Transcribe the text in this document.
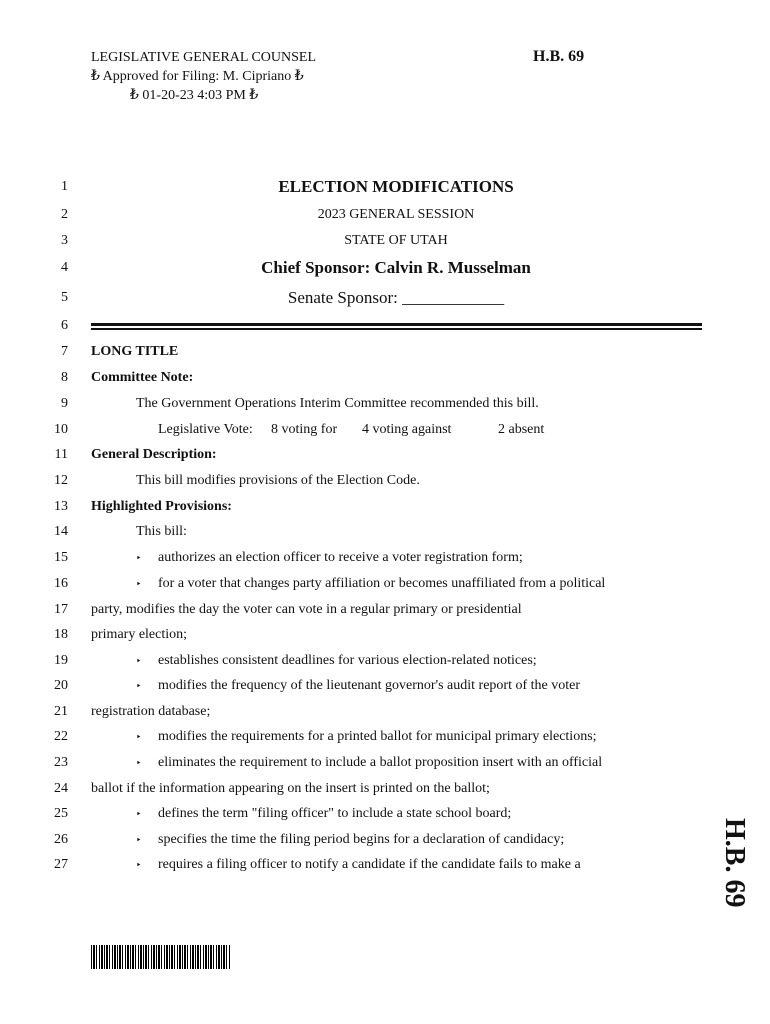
LEGISLATIVE GENERAL COUNSEL
₺ Approved for Filing: M. Cipriano ₺
₺ 01-20-23 4:03 PM ₺
H.B. 69
1	ELECTION MODIFICATIONS
2	2023 GENERAL SESSION
3	STATE OF UTAH
4	Chief Sponsor: Calvin R. Musselman
5	Senate Sponsor: ____________
6
7 LONG TITLE
8 Committee Note:
9	The Government Operations Interim Committee recommended this bill.
10	Legislative Vote: 8 voting for 4 voting against	2 absent
11 General Description:
12	This bill modifies provisions of the Election Code.
13 Highlighted Provisions:
14	This bill:
15	‣ authorizes an election officer to receive a voter registration form;
16	‣ for a voter that changes party affiliation or becomes unaffiliated from a political
17 party, modifies the day the voter can vote in a regular primary or presidential
18 primary election;
19	‣ establishes consistent deadlines for various election-related notices;
20	‣ modifies the frequency of the lieutenant governor's audit report of the voter
21 registration database;
22	‣ modifies the requirements for a printed ballot for municipal primary elections;
23	‣ eliminates the requirement to include a ballot proposition insert with an official
24 ballot if the information appearing on the insert is printed on the ballot;
25	‣ defines the term "filing officer" to include a state school board;
26	‣ specifies the time the filing period begins for a declaration of candidacy;
27	‣ requires a filing officer to notify a candidate if the candidate fails to make a	H.B. 69
